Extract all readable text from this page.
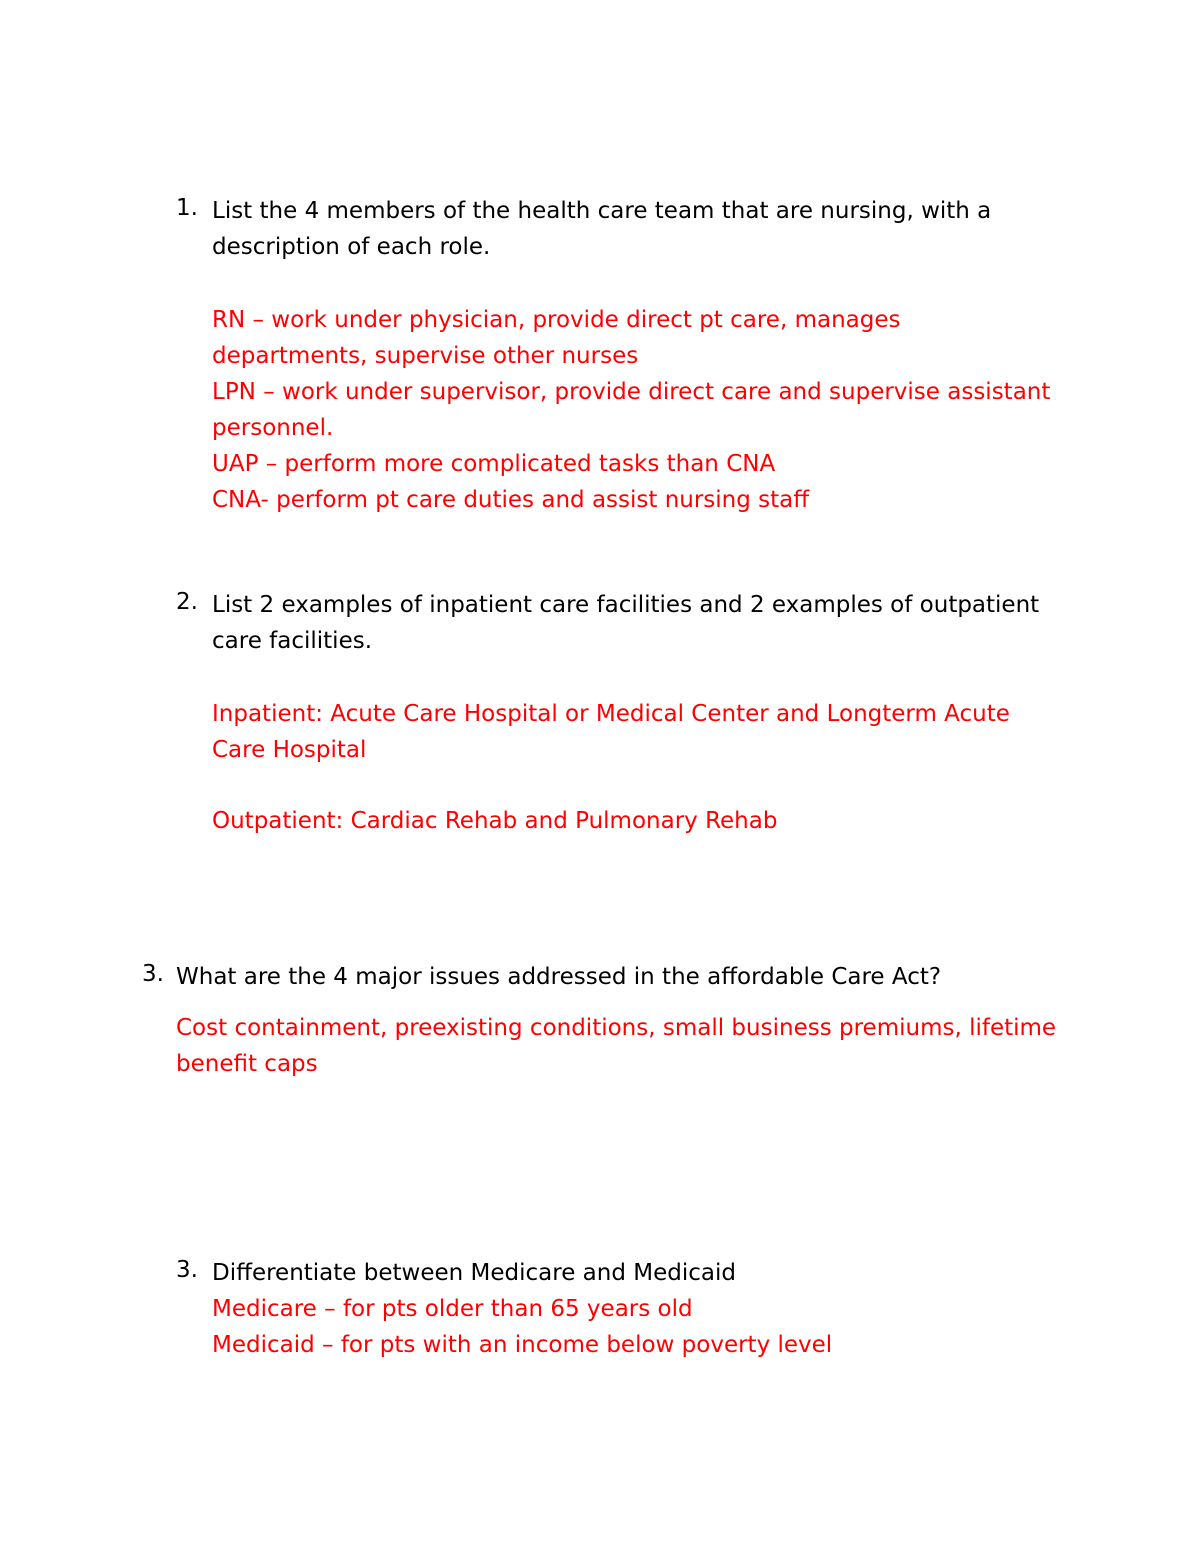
1. List the 4 members of the health care team that are nursing, with a
description of each role.
RN – work under physician, provide direct pt care, manages
departments, supervise other nurses
LPN – work under supervisor, provide direct care and supervise assistant
personnel.
UAP – perform more complicated tasks than CNA
CNA- perform pt care duties and assist nursing staff
2. List 2 examples of inpatient care facilities and 2 examples of outpatient
care facilities.
Inpatient: Acute Care Hospital or Medical Center and Longterm Acute
Care Hospital
Outpatient: Cardiac Rehab and Pulmonary Rehab
3. What are the 4 major issues addressed in the affordable Care Act?
Cost containment, preexisting conditions, small business premiums, lifetime
benefit caps
3. Differentiate between Medicare and Medicaid
Medicare – for pts older than 65 years old
Medicaid – for pts with an income below poverty level
